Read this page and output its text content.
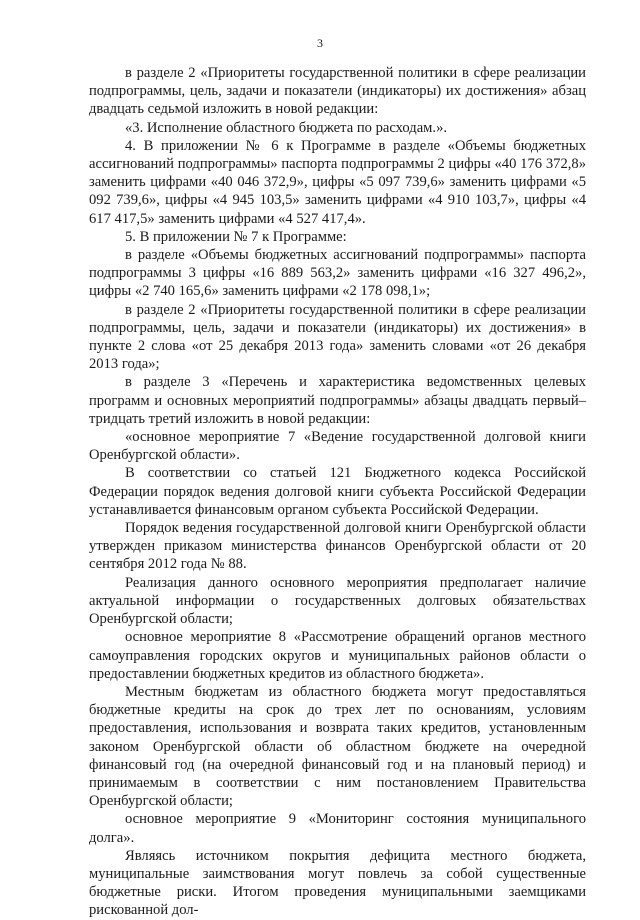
3

в разделе 2 «Приоритеты государственной политики в сфере реализации подпрограммы, цель, задачи и показатели (индикаторы) их достижения» абзац двадцать седьмой изложить в новой редакции:

«3. Исполнение областного бюджета по расходам.».

4. В приложении № 6 к Программе в разделе «Объемы бюджетных ассигнований подпрограммы» паспорта подпрограммы 2 цифры «40 176 372,8» заменить цифрами «40 046 372,9», цифры «5 097 739,6» заменить цифрами «5 092 739,6», цифры «4 945 103,5» заменить цифрами «4 910 103,7», цифры «4 617 417,5» заменить цифрами «4 527 417,4».

5. В приложении № 7 к Программе:

в разделе «Объемы бюджетных ассигнований подпрограммы» паспорта подпрограммы 3 цифры «16 889 563,2» заменить цифрами «16 327 496,2», цифры «2 740 165,6» заменить цифрами «2 178 098,1»;

в разделе 2 «Приоритеты государственной политики в сфере реализации подпрограммы, цель, задачи и показатели (индикаторы) их достижения» в пункте 2 слова «от 25 декабря 2013 года» заменить словами «от 26 декабря 2013 года»;

в разделе 3 «Перечень и характеристика ведомственных целевых программ и основных мероприятий подпрограммы» абзацы двадцать первый–тридцать третий изложить в новой редакции:

«основное мероприятие 7 «Ведение государственной долговой книги Оренбургской области».

В соответствии со статьей 121 Бюджетного кодекса Российской Федерации порядок ведения долговой книги субъекта Российской Федерации устанавливается финансовым органом субъекта Российской Федерации.

Порядок ведения государственной долговой книги Оренбургской области утвержден приказом министерства финансов Оренбургской области от 20 сентября 2012 года № 88.

Реализация данного основного мероприятия предполагает наличие актуальной информации о государственных долговых обязательствах Оренбургской области;

основное мероприятие 8 «Рассмотрение обращений органов местного самоуправления городских округов и муниципальных районов области о предоставлении бюджетных кредитов из областного бюджета».

Местным бюджетам из областного бюджета могут предоставляться бюджетные кредиты на срок до трех лет по основаниям, условиям предоставления, использования и возврата таких кредитов, установленным законом Оренбургской области об областном бюджете на очередной финансовый год (на очередной финансовый год и на плановый период) и принимаемым в соответствии с ним постановлением Правительства Оренбургской области;

основное мероприятие 9 «Мониторинг состояния муниципального долга».

Являясь источником покрытия дефицита местного бюджета, муниципальные заимствования могут повлечь за собой существенные бюджетные риски. Итогом проведения муниципальными заемщиками рискованной дол-
